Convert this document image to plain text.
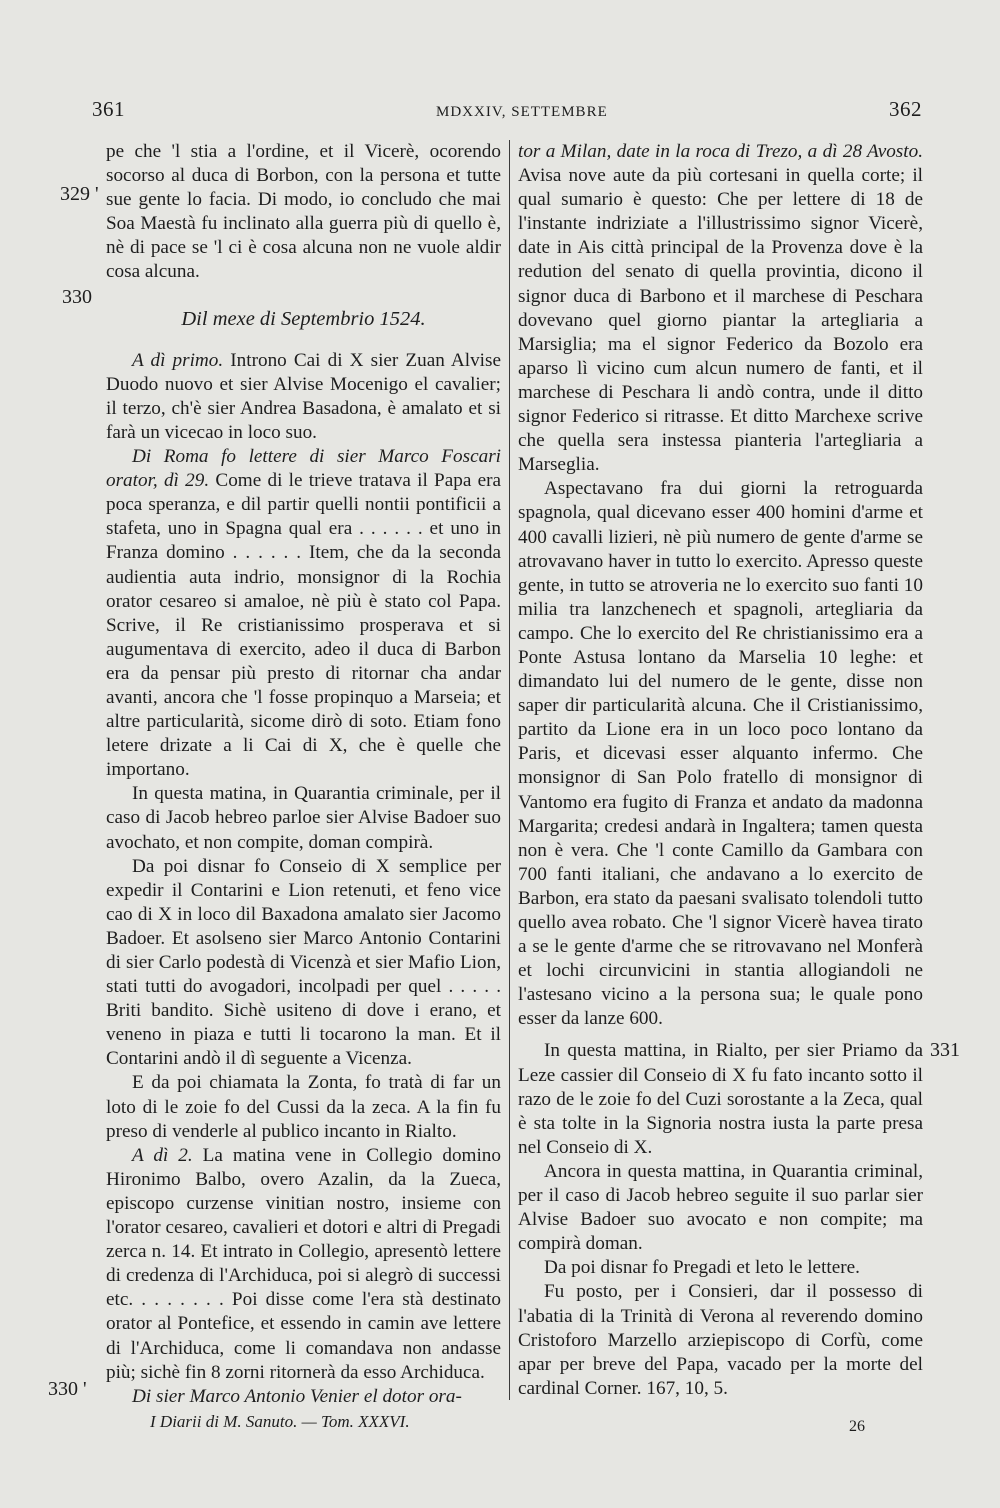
361	MDXXIV, SETTEMBRE	362
329 '
330
330 '
331

pe che 'l stia a l'ordine, et il Vicerè, ocorendo socorso al duca di Borbon, con la persona et tutte sue gente lo facia. Di modo, io concludo che mai Soa Maestà fu inclinato alla guerra più di quello è, nè di pace se 'l ci è cosa alcuna non ne vuole aldir cosa alcuna.

Dil mexe di Septembrio 1524.

A dì primo. Introno Cai di X sier Zuan Alvise Duodo nuovo et sier Alvise Mocenigo el cavalier; il terzo, ch'è sier Andrea Basadona, è amalato et si farà un vicecao in loco suo.

Di Roma fo lettere di sier Marco Foscari orator, dì 29. Come di le trieve tratava il Papa era poca speranza, e dil partir quelli nontii pontificii a stafeta, uno in Spagna qual era . . . . . . et uno in Franza domino . . . . . . Item, che da la seconda audientia auta indrio, monsignor di la Rochia orator cesareo si amaloe, nè più è stato col Papa. Scrive, il Re cristianissimo prosperava et si augumentava di exercito, adeo il duca di Barbon era da pensar più presto di ritornar cha andar avanti, ancora che 'l fosse propinquo a Marseia; et altre particularità, sicome dirò di soto. Etiam fono letere drizate a li Cai di X, che è quelle che importano.

In questa matina, in Quarantia criminale, per il caso di Jacob hebreo parloe sier Alvise Badoer suo avochato, et non compite, doman compirà.

Da poi disnar fo Conseio di X semplice per expedir il Contarini e Lion retenuti, et feno vice cao di X in loco dil Baxadona amalato sier Jacomo Badoer. Et asolseno sier Marco Antonio Contarini di sier Carlo podestà di Vicenzà et sier Mafio Lion, stati tutti do avogadori, incolpadi per quel . . . . . Briti bandito. Sichè usiteno di dove i erano, et veneno in piaza e tutti li tocarono la man. Et il Contarini andò il dì seguente a Vicenza.

E da poi chiamata la Zonta, fo tratà di far un loto di le zoie fo del Cussi da la zeca. A la fin fu preso di venderle al publico incanto in Rialto.

A dì 2. La matina vene in Collegio domino Hironimo Balbo, overo Azalin, da la Zueca, episcopo curzense vinitian nostro, insieme con l'orator cesareo, cavalieri et dotori e altri di Pregadi zerca n. 14. Et intrato in Collegio, apresentò lettere di credenza di l'Archiduca, poi si alegrò di successi etc. . . . . . . . Poi disse come l'era stà destinato orator al Pontefice, et essendo in camin ave lettere di l'Archiduca, come li comandava non andasse più; sichè fin 8 zorni ritornerà da esso Archiduca.

Di sier Marco Antonio Venier el dotor ora-

tor a Milan, date in la roca di Trezo, a dì 28 Avosto. Avisa nove aute da più cortesani in quella corte; il qual sumario è questo: Che per lettere di 18 de l'instante indriziate a l'illustrissimo signor Vicerè, date in Ais città principal de la Provenza dove è la redution del senato di quella provintia, dicono il signor duca di Barbono et il marchese di Peschara dovevano quel giorno piantar la artegliaria a Marsiglia; ma el signor Federico da Bozolo era aparso lì vicino cum alcun numero de fanti, et il marchese di Peschara li andò contra, unde il ditto signor Federico si ritrasse. Et ditto Marchexe scrive che quella sera instessa pianteria l'artegliaria a Marseglia.

Aspectavano fra dui giorni la retroguarda spagnola, qual dicevano esser 400 homini d'arme et 400 cavalli lizieri, nè più numero de gente d'arme se atrovavano haver in tutto lo exercito. Apresso queste gente, in tutto se atroveria ne lo exercito suo fanti 10 milia tra lanzchenech et spagnoli, artegliaria da campo. Che lo exercito del Re christianissimo era a Ponte Astusa lontano da Marselia 10 leghe: et dimandato lui del numero de le gente, disse non saper dir particularità alcuna. Che il Cristianissimo, partito da Lione era in un loco poco lontano da Paris, et dicevasi esser alquanto infermo. Che monsignor di San Polo fratello di monsignor di Vantomo era fugito di Franza et andato da madonna Margarita; credesi andarà in Ingaltera; tamen questa non è vera. Che 'l conte Camillo da Gambara con 700 fanti italiani, che andavano a lo exercito de Barbon, era stato da paesani svalisato tolendoli tutto quello avea robato. Che 'l signor Vicerè havea tirato a se le gente d'arme che se ritrovavano nel Monferà et lochi circunvicini in stantia allogiandoli ne l'astesano vicino a la persona sua; le quale pono esser da lanze 600.

In questa mattina, in Rialto, per sier Priamo da Leze cassier dil Conseio di X fu fato incanto sotto il razo de le zoie fo del Cuzi sorostante a la Zeca, qual è sta tolte in la Signoria nostra iusta la parte presa nel Conseio di X.

Ancora in questa mattina, in Quarantia criminal, per il caso di Jacob hebreo seguite il suo parlar sier Alvise Badoer suo avocato e non compite; ma compirà doman.

Da poi disnar fo Pregadi et leto le lettere.

Fu posto, per i Consieri, dar il possesso di l'abatia di la Trinità di Verona al reverendo domino Cristoforo Marzello arziepiscopo di Corfù, come apar per breve del Papa, vacado per la morte del cardinal Corner. 167, 10, 5.

I Diarii di M. Sanuto. — Tom. XXXVI.	26
